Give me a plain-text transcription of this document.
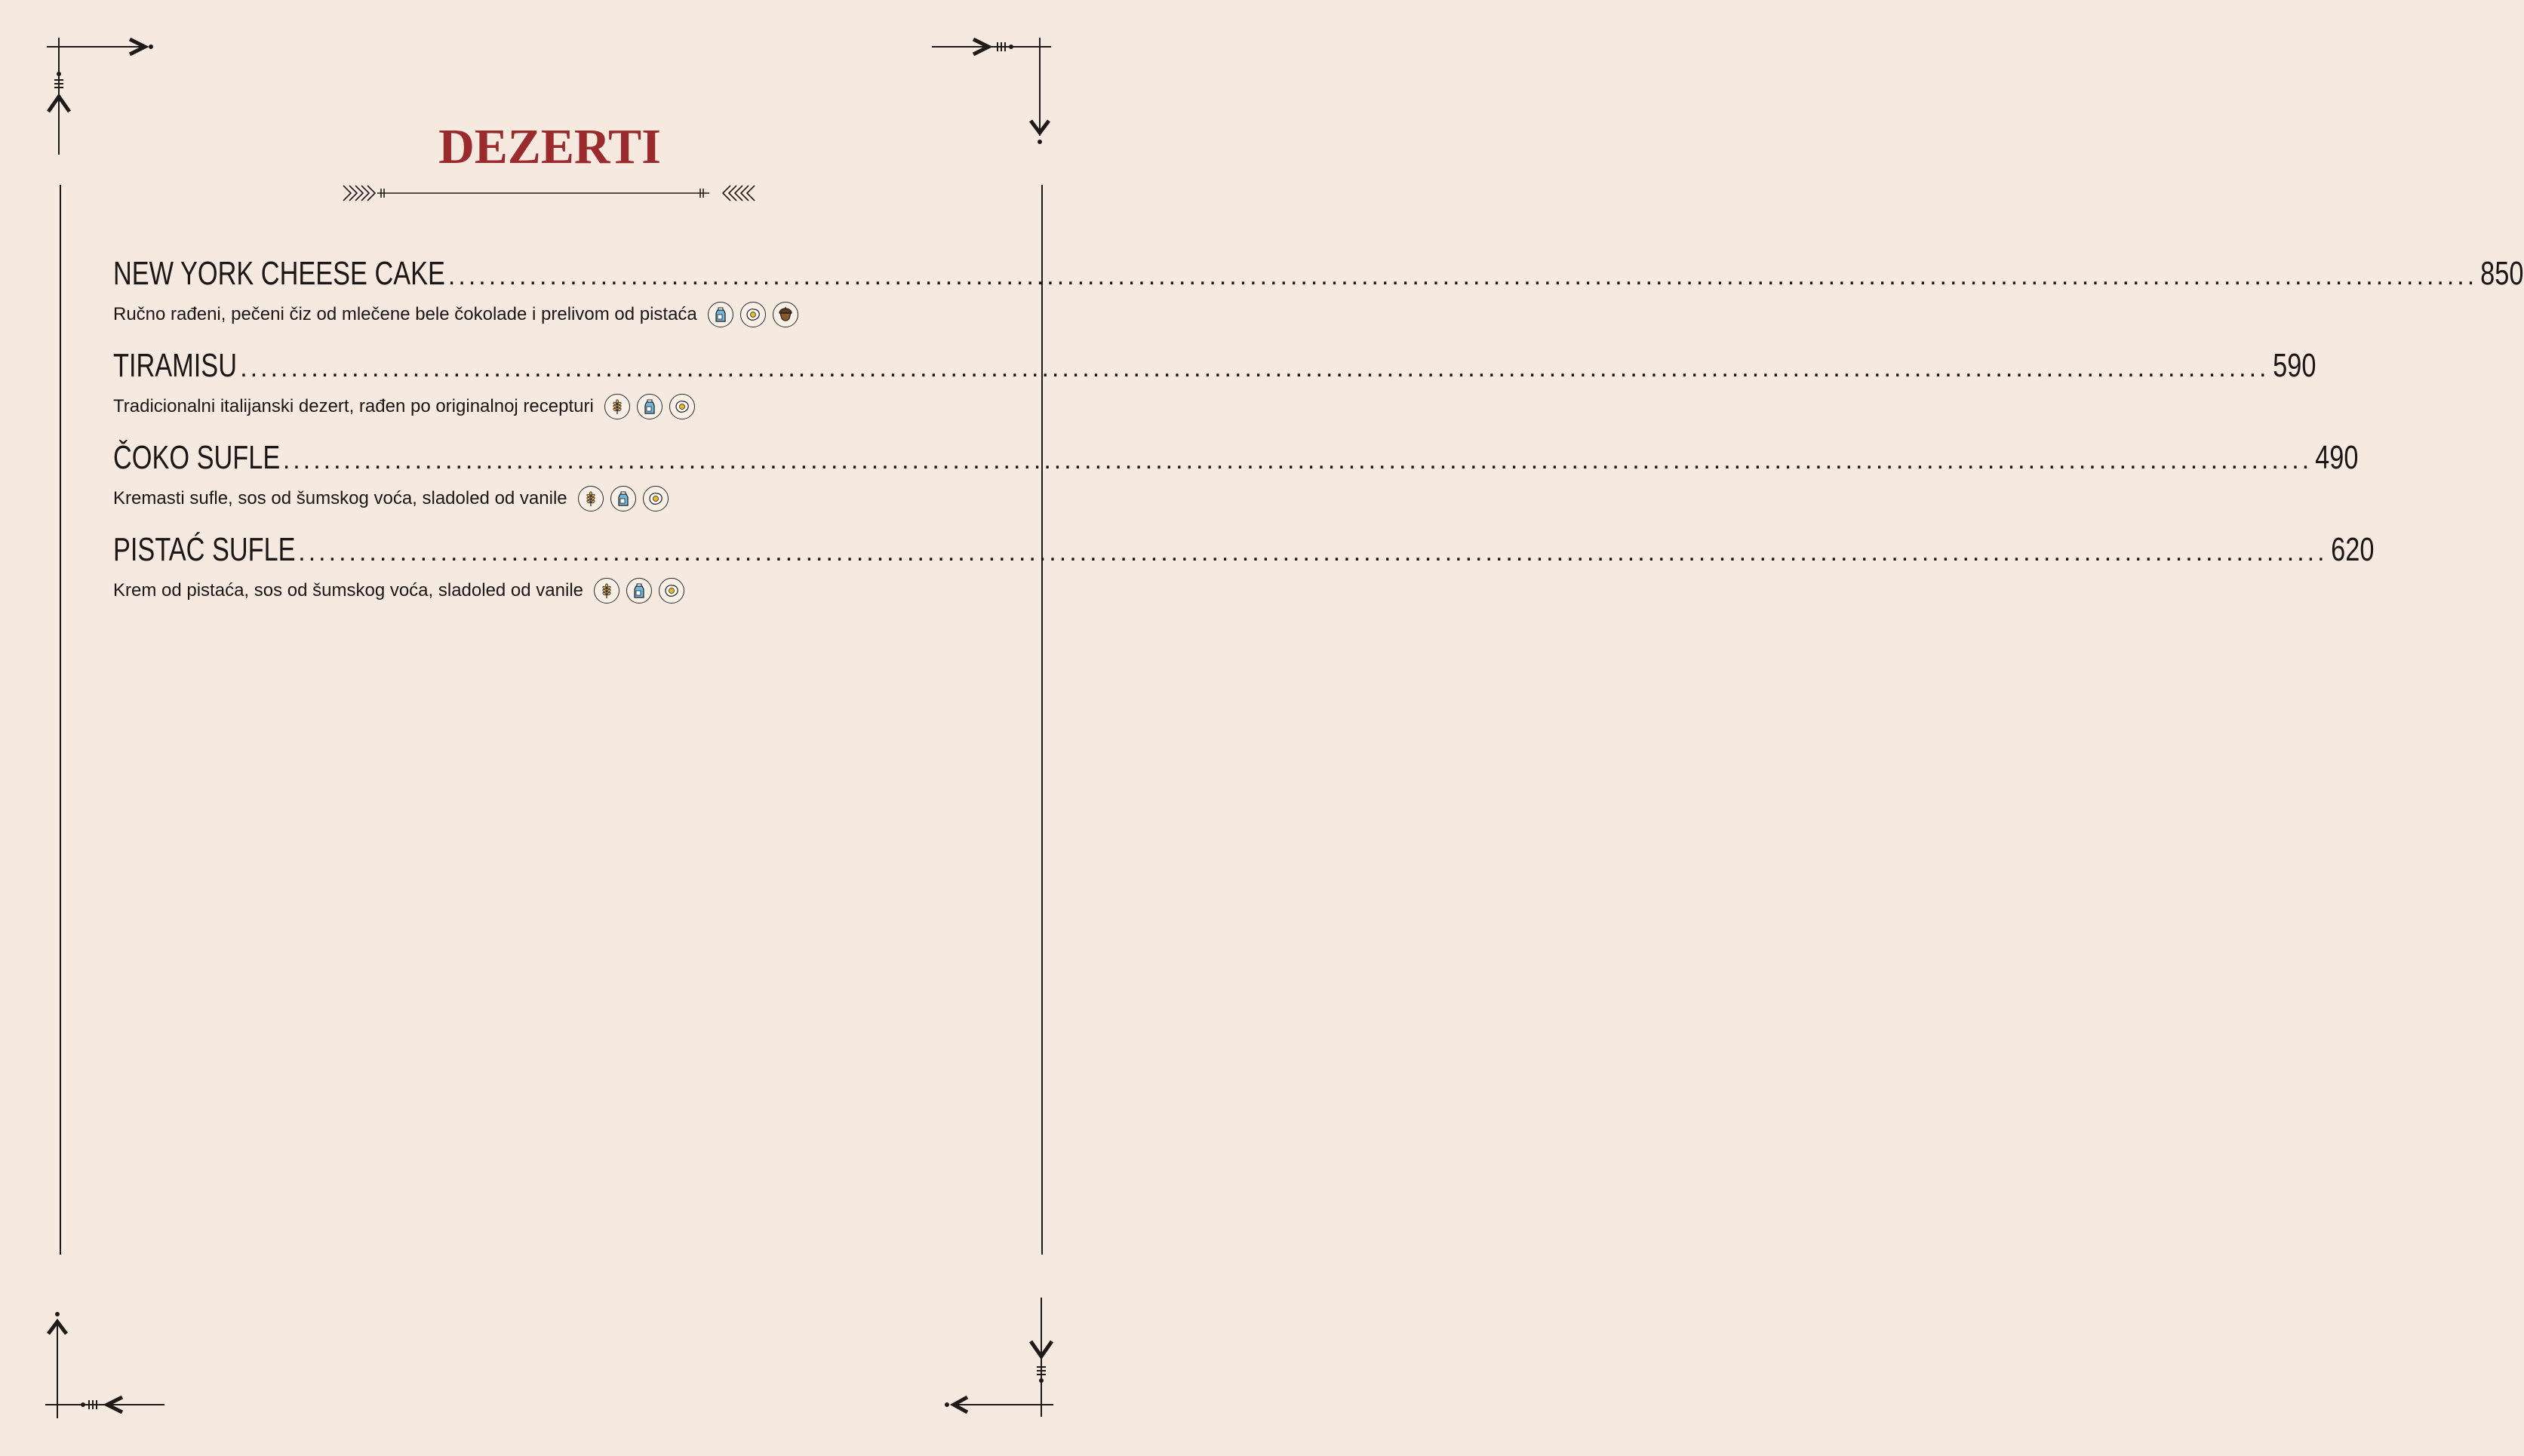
DEZERTI
NEW YORK CHEESE CAKE ........................................................................................................................................................................................................ 850
Ručno rađeni, pečeni čiz od mlečene bele čokolade i prelivom od pistaća
TIRAMISU ........................................................................................................................................................................................................ 590
Tradicionalni italijanski dezert, rađen po originalnoj recepturi
ČOKO SUFLE ........................................................................................................................................................................................................ 490
Kremasti sufle, sos od šumskog voća, sladoled od vanile
PISTAĆ SUFLE ........................................................................................................................................................................................................ 620
Krem od pistaća, sos od šumskog voća, sladoled od vanile
